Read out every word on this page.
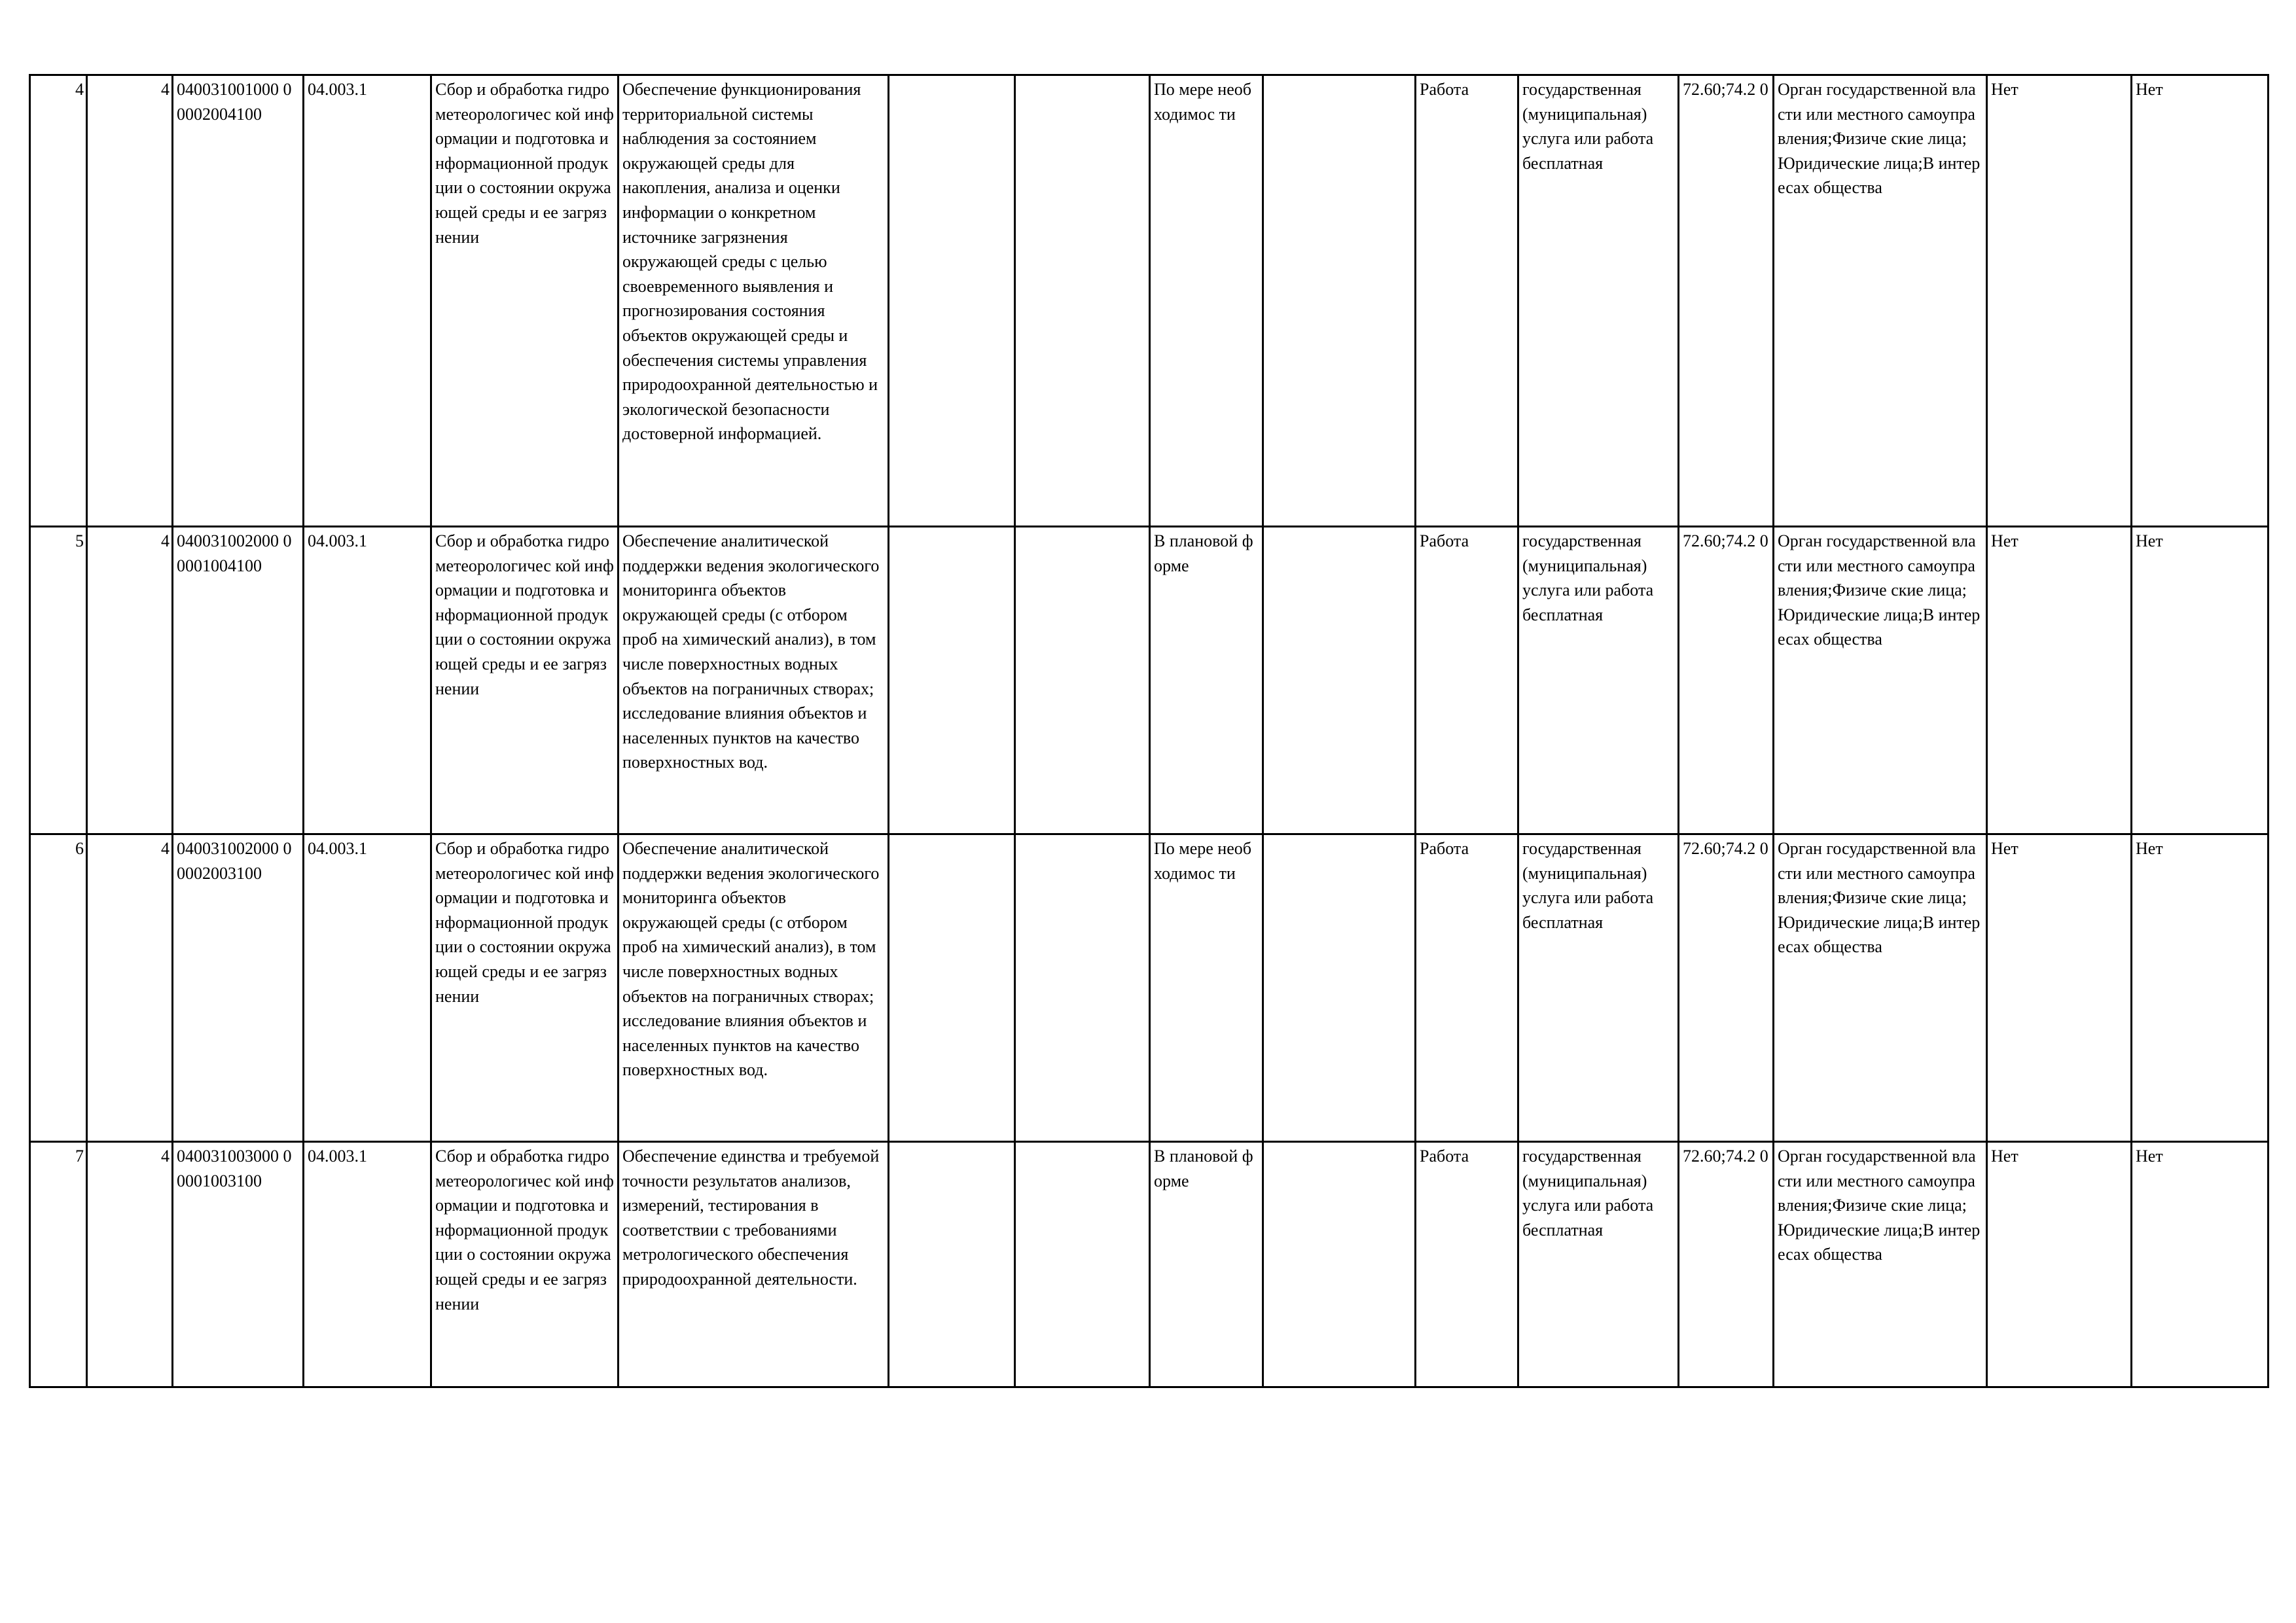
4	4	040031001000 00002004100	04.003.1	Сбор и обработка гидрометеорологичес кой информации и подготовка информационной продукции о состоянии окружающей среды и ее загрязнении	Обеспечение функционирования территориальной системы наблюдения за состоянием окружающей среды для накопления, анализа и оценки информации о конкретном источнике загрязнения окружающей среды с целью своевременного выявления и прогнозирования состояния объектов окружающей среды и обеспечения системы управления природоохранной деятельностью и экологической безопасности достоверной информацией.			По мере необходимос ти		Работа	государственная (муниципальная) услуга или работа бесплатная	72.60;74.2 0	Орган государственной власти или местного самоуправления;Физиче ские лица;Юридические лица;В интересах общества	Нет	Нет
5	4	040031002000 00001004100	04.003.1	Сбор и обработка гидрометеорологичес кой информации и подготовка информационной продукции о состоянии окружающей среды и ее загрязнении	Обеспечение аналитической поддержки ведения экологического мониторинга объектов окружающей среды (с отбором проб на химический анализ), в том числе поверхностных водных объектов на пограничных створах; исследование влияния объектов и населенных пунктов на качество поверхностных вод.			В плановой форме		Работа	государственная (муниципальная) услуга или работа бесплатная	72.60;74.2 0	Орган государственной власти или местного самоуправления;Физиче ские лица;Юридические лица;В интересах общества	Нет	Нет
6	4	040031002000 00002003100	04.003.1	Сбор и обработка гидрометеорологичес кой информации и подготовка информационной продукции о состоянии окружающей среды и ее загрязнении	Обеспечение аналитической поддержки ведения экологического мониторинга объектов окружающей среды (с отбором проб на химический анализ), в том числе поверхностных водных объектов на пограничных створах; исследование влияния объектов и населенных пунктов на качество поверхностных вод.			По мере необходимос ти		Работа	государственная (муниципальная) услуга или работа бесплатная	72.60;74.2 0	Орган государственной власти или местного самоуправления;Физиче ские лица;Юридические лица;В интересах общества	Нет	Нет
7	4	040031003000 00001003100	04.003.1	Сбор и обработка гидрометеорологичес кой информации и подготовка информационной продукции о состоянии окружающей среды и ее загрязнении	Обеспечение единства и требуемой точности результатов анализов, измерений, тестирования в соответствии с требованиями метрологического обеспечения природоохранной деятельности.			В плановой форме		Работа	государственная (муниципальная) услуга или работа бесплатная	72.60;74.2 0	Орган государственной власти или местного самоуправления;Физиче ские лица;Юридические лица;В интересах общества	Нет	Нет
